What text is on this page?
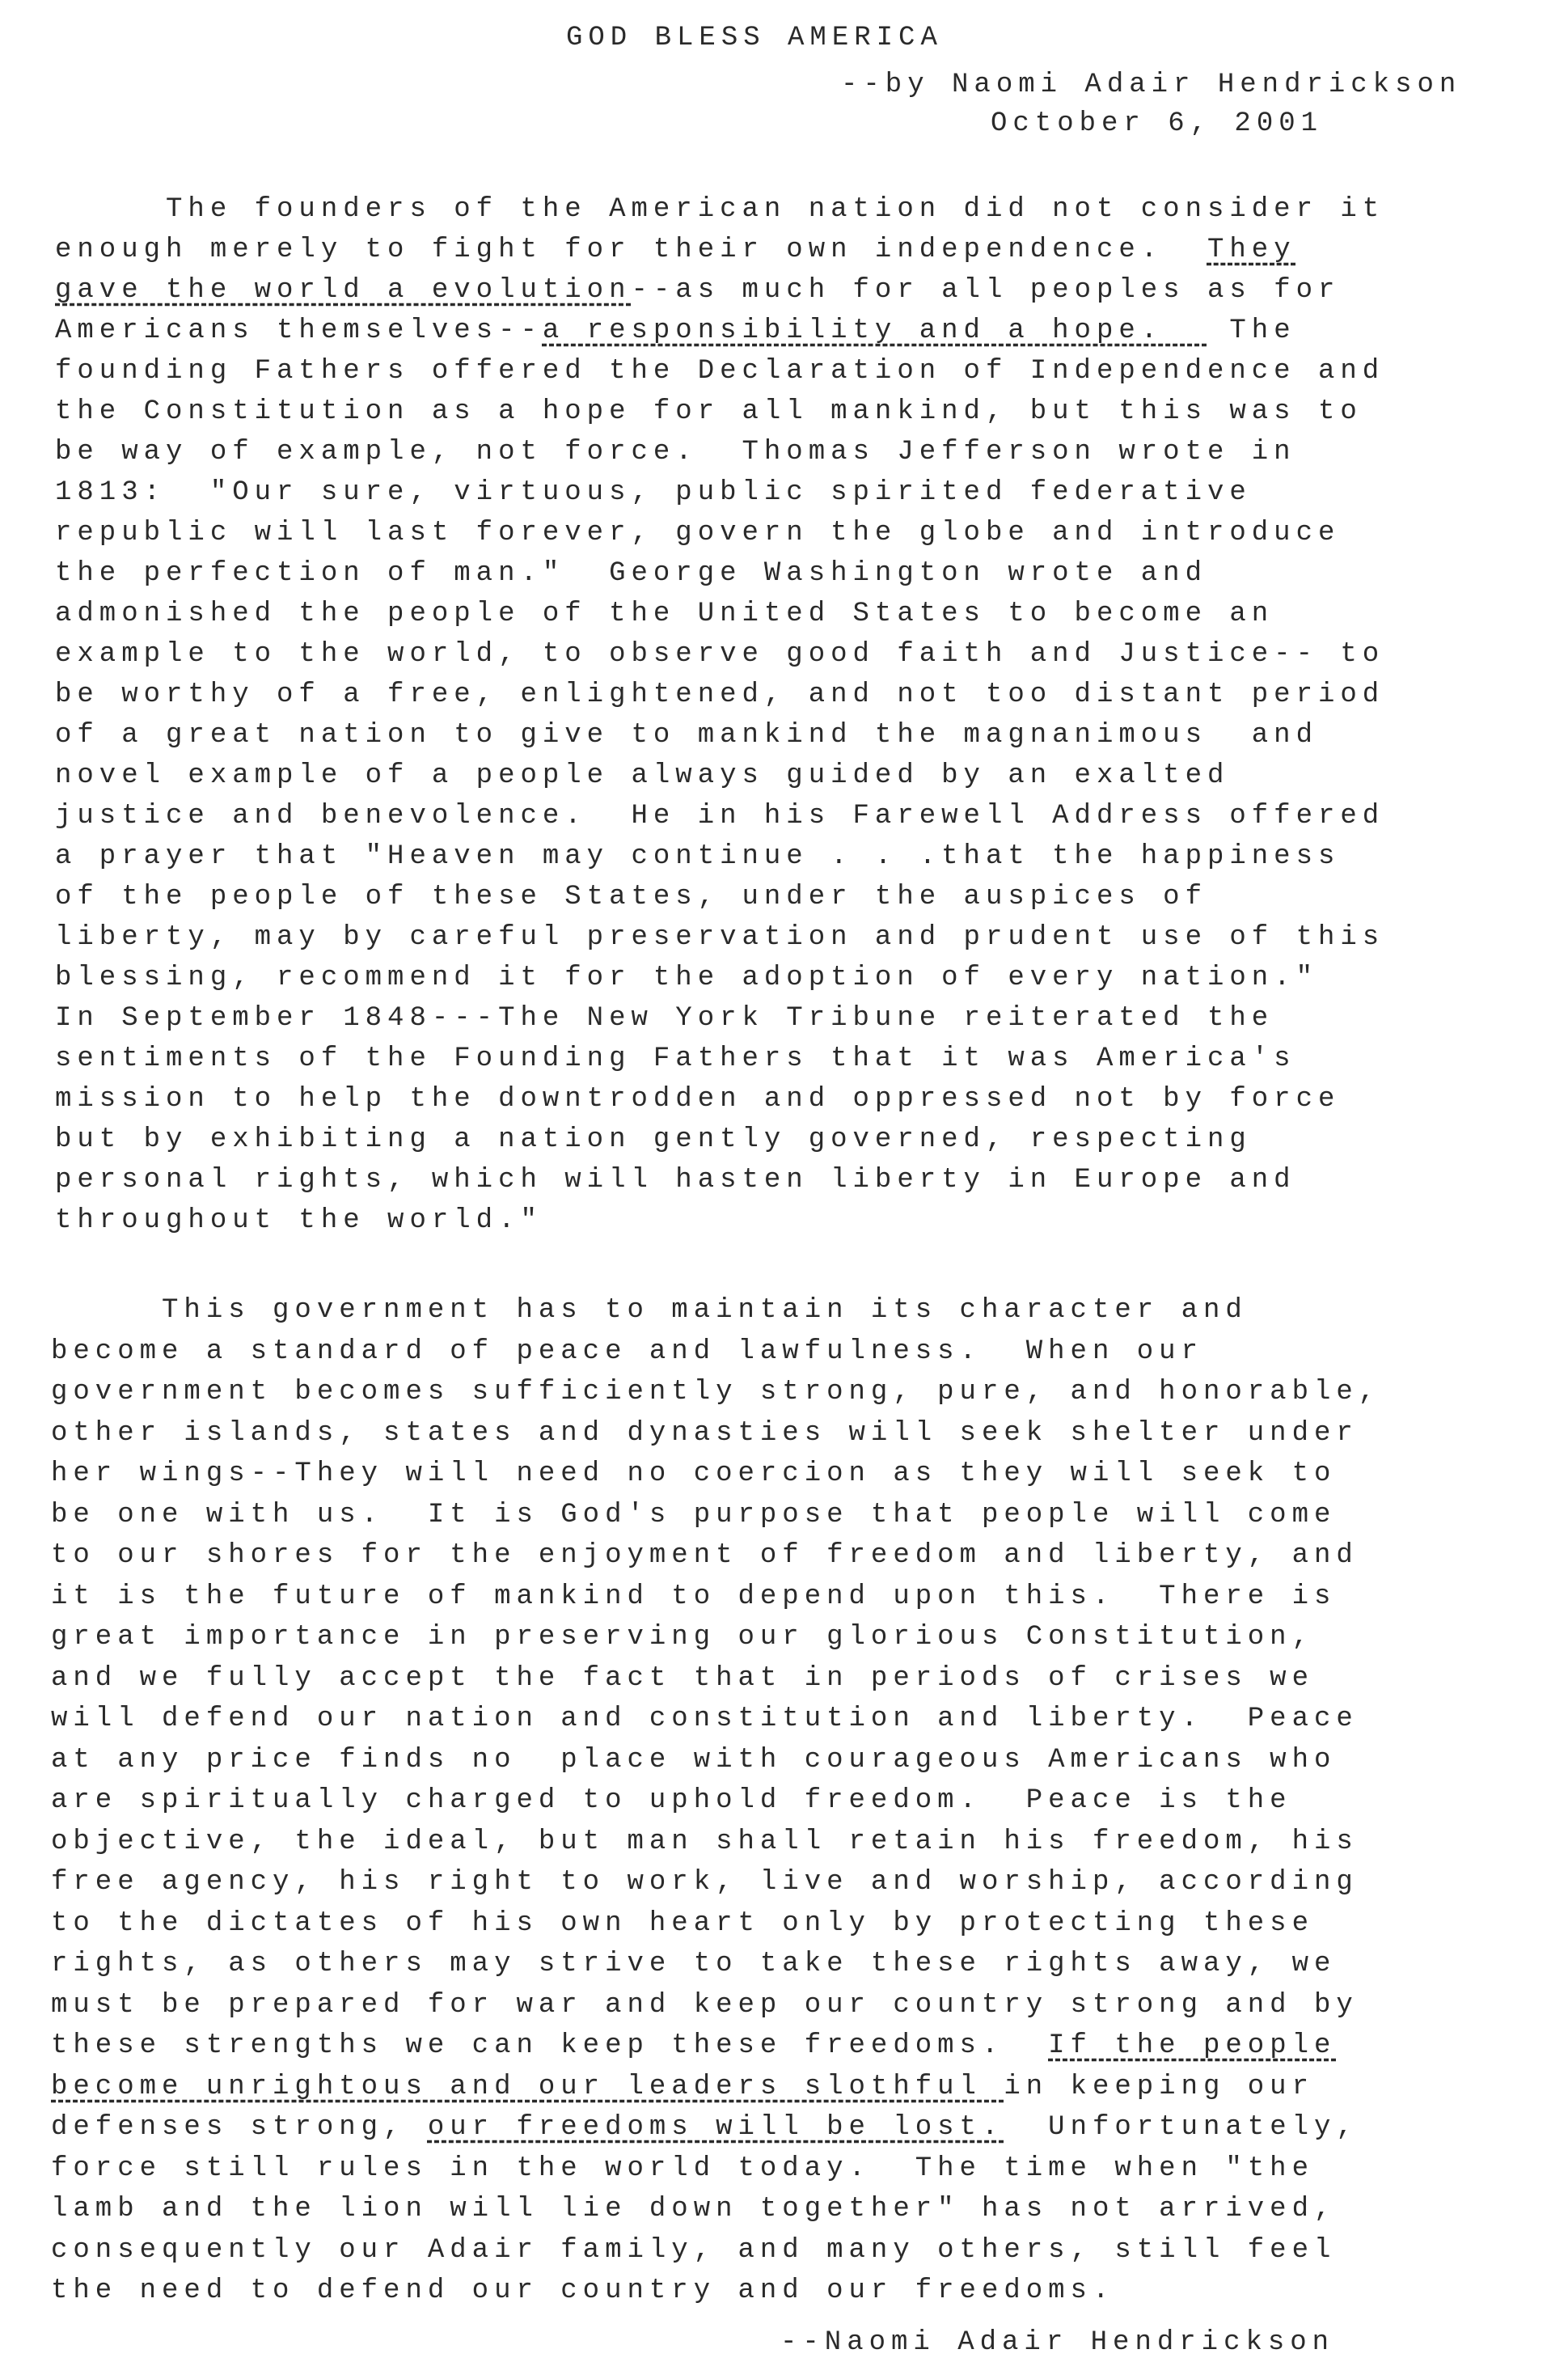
GOD BLESS AMERICA
--by Naomi Adair Hendrickson
October 6, 2001
The founders of the American nation did not consider it
enough merely to fight for their own independence.  They
gave the world a evolution--as much for all peoples as for
Americans themselves--a responsibility and a hope.   The
founding Fathers offered the Declaration of Independence and
the Constitution as a hope for all mankind, but this was to
be way of example, not force.  Thomas Jefferson wrote in
1813:  "Our sure, virtuous, public spirited federative
republic will last forever, govern the globe and introduce
the perfection of man."  George Washington wrote and
admonished the people of the United States to become an
example to the world, to observe good faith and Justice-- to
be worthy of a free, enlightened, and not too distant period
of a great nation to give to mankind the magnanimous  and
novel example of a people always guided by an exalted
justice and benevolence.  He in his Farewell Address offered
a prayer that "Heaven may continue . . .that the happiness
of the people of these States, under the auspices of
liberty, may by careful preservation and prudent use of this
blessing, recommend it for the adoption of every nation."
In September 1848---The New York Tribune reiterated the
sentiments of the Founding Fathers that it was America's
mission to help the downtrodden and oppressed not by force
but by exhibiting a nation gently governed, respecting
personal rights, which will hasten liberty in Europe and
throughout the world."
This government has to maintain its character and
become a standard of peace and lawfulness.  When our
government becomes sufficiently strong, pure, and honorable,
other islands, states and dynasties will seek shelter under
her wings--They will need no coercion as they will seek to
be one with us.  It is God's purpose that people will come
to our shores for the enjoyment of freedom and liberty, and
it is the future of mankind to depend upon this.  There is
great importance in preserving our glorious Constitution,
and we fully accept the fact that in periods of crises we
will defend our nation and constitution and liberty.  Peace
at any price finds no  place with courageous Americans who
are spiritually charged to uphold freedom.  Peace is the
objective, the ideal, but man shall retain his freedom, his
free agency, his right to work, live and worship, according
to the dictates of his own heart only by protecting these
rights, as others may strive to take these rights away, we
must be prepared for war and keep our country strong and by
these strengths we can keep these freedoms.  If the people
become unrightous and our leaders slothful in keeping our
defenses strong, our freedoms will be lost.  Unfortunately,
force still rules in the world today.  The time when "the
lamb and the lion will lie down together" has not arrived,
consequently our Adair family, and many others, still feel
the need to defend our country and our freedoms.
--Naomi Adair Hendrickson
